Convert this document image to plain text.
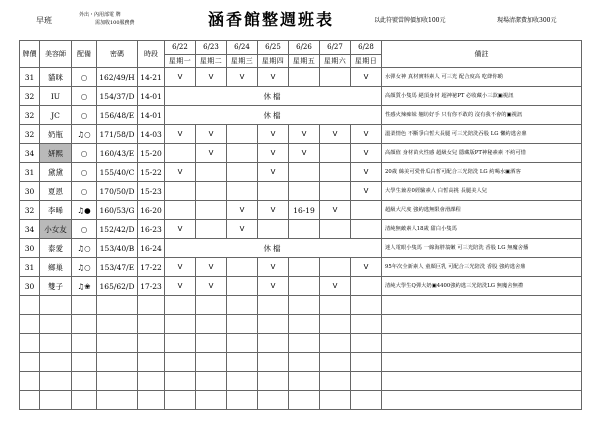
早班
外出・內用部電 牌
需加收100服務費	涵香館整週班表	以此符號當牌價加收100元	現場清潔費加收300元
牌價	美容師	配備	密碼	時段	6/22	6/23	6/24	6/25	6/26	6/27	6/28	備註
					星期一	星期二	星期三	星期四	星期五	星期六	星期日	
31	貓咪	○	162/49/H	14-21	V	V	V	V			V	水彈女神 真材實料素人 可三光 配合度高 吃絳你喲
32	IU	○	154/37/D	14-01	休檔							高顏質小隻馬 絕頂身材 超神祕PT 必收藏小三款▣視訊
32	JC	○	156/48/E	14-01	休檔							性感火辣痴妹 翹坊好手 只有你不敢的 沒有我不會的▣視訊
32	奶瓶	♫○	171/58/D	14-03	V	V		V	V	V	V	溫柔情色 不斷爭白皙大長腿 可三光陪洗吞股 LG 懶約逃舍鼎
34	妍熙	○	160/43/E	15-20		V		V	V		V	高顏值 身材苗火性感 超級女兒 隱藏版PT神秘素素 不約可惜
31	黛黛	○	155/40/C	15-22	V			V			V	20歲 絲美可愛骨瓜白皙可配合三光陪洗 LG 約喝水▣酒客
30	夏恩	○	170/50/D	15-23							V	大學生兼差0經驗素人 白皙高挑 長腿美人兒
32	李晞	♫●	160/53/G	16-20			V	V	16-19	V		超級大尺度 強約逃無限會滑課程
34	小女友	○	152/42/D	16-23	V		V					清純無敵素人18歲 甜白小隻馬
30	泰愛	♫○	153/40/B	16-24	休檔							迷人電眼小隻馬 一線海胖翁嫩 可三光陪洗 香股 LG 無魔舍播
31	鄉巢	♫○	153/47/E	17-22	V	V		V			V	95年次全新素人 童顏巨乳 可配合三光陪洗 香股 強約逃舍鼎
30	雙子	♫❀	165/62/D	17-23	V	V		V		V		清純大學生Q彈大奶▣4400強約逃三光陪洗LG 無魔舍無禮
